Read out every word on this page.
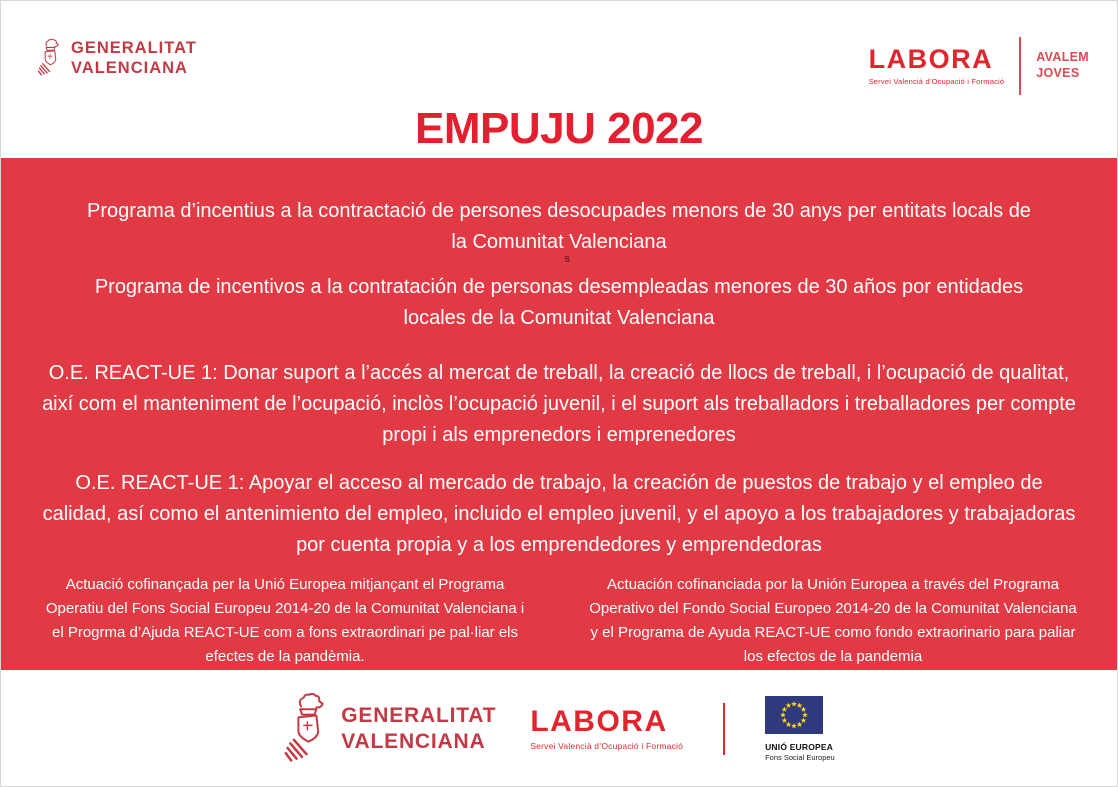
GENERALITAT
VALENCIANA	LABORA
Servei Valencià d’Ocupació i Formació
AVALEM
JOVES
EMPUJU 2022

Programa d’incentius a la contractació de persones desocupades menors de 30 anys per entitats locals de la Comunitat Valenciana

s

Programa de incentivos a la contratación de personas desempleadas menores de 30 años por entidades locales de la Comunitat Valenciana

O.E. REACT-UE 1: Donar suport a l’accés al mercat de treball, la creació de llocs de treball, i l’ocupació de qualitat, així com el manteniment de l’ocupació, inclòs l’ocupació juvenil, i el suport als treballadors i treballadores per compte propi i als emprenedors i emprenedores

O.E. REACT-UE 1: Apoyar el acceso al mercado de trabajo, la creación de puestos de trabajo y el empleo de calidad, así como el antenimiento del empleo, incluido el empleo juvenil, y el apoyo a los trabajadores y trabajadoras por cuenta propia y a los emprendedores y emprendedoras

Actuació cofinançada per la Unió Europea mitjançant el Programa Operatiu del Fons Social Europeu 2014-20 de la Comunitat Valenciana i el Progrma d’Ajuda REACT-UE com a fons extraordinari pe pal·liar els efectes de la pandèmia.

Actuación cofinanciada por la Unión Europea a través del Programa Operativo del Fondo Social Europeo 2014-20 de la Comunitat Valenciana y el Programa de Ayuda REACT-UE como fondo extraorinario para paliar los efectos de la pandemia

GENERALITAT
VALENCIANA
LABORA
Servei Valencià d’Ocupació i Formació	UNIÓ EUROPEA
Fons Social Europeu
